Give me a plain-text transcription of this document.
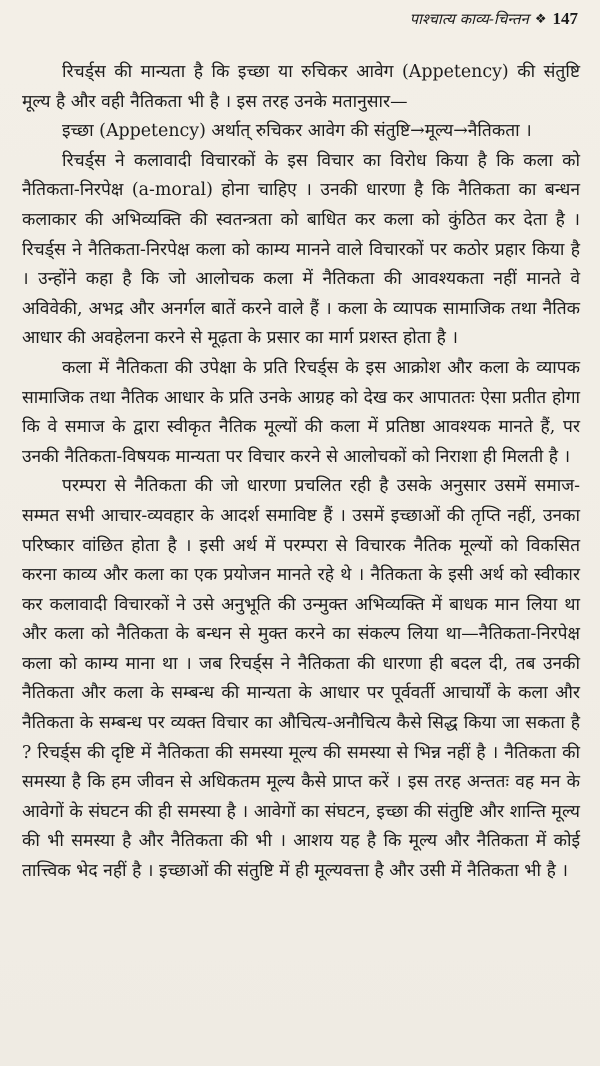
पाश्चात्य काव्य-चिन्तन ❖ 147

रिचर्ड्स की मान्यता है कि इच्छा या रुचिकर आवेग (Appetency) की संतुष्टि मूल्य है और वही नैतिकता भी है । इस तरह उनके मतानुसार—

इच्छा (Appetency) अर्थात् रुचिकर आवेग की संतुष्टि→मूल्य→नैतिकता ।

रिचर्ड्स ने कलावादी विचारकों के इस विचार का विरोध किया है कि कला को नैतिकता-निरपेक्ष (a-moral) होना चाहिए । उनकी धारणा है कि नैतिकता का बन्धन कलाकार की अभिव्यक्ति की स्वतन्त्रता को बाधित कर कला को कुंठित कर देता है । रिचर्ड्स ने नैतिकता-निरपेक्ष कला को काम्य मानने वाले विचारकों पर कठोर प्रहार किया है । उन्होंने कहा है कि जो आलोचक कला में नैतिकता की आवश्यकता नहीं मानते वे अविवेकी, अभद्र और अनर्गल बातें करने वाले हैं । कला के व्यापक सामाजिक तथा नैतिक आधार की अवहेलना करने से मूढ़ता के प्रसार का मार्ग प्रशस्त होता है ।

कला में नैतिकता की उपेक्षा के प्रति रिचर्ड्स के इस आक्रोश और कला के व्यापक सामाजिक तथा नैतिक आधार के प्रति उनके आग्रह को देख कर आपाततः ऐसा प्रतीत होगा कि वे समाज के द्वारा स्वीकृत नैतिक मूल्यों की कला में प्रतिष्ठा आवश्यक मानते हैं, पर उनकी नैतिकता-विषयक मान्यता पर विचार करने से आलोचकों को निराशा ही मिलती है ।

परम्परा से नैतिकता की जो धारणा प्रचलित रही है उसके अनुसार उसमें समाज-सम्मत सभी आचार-व्यवहार के आदर्श समाविष्ट हैं । उसमें इच्छाओं की तृप्ति नहीं, उनका परिष्कार वांछित होता है । इसी अर्थ में परम्परा से विचारक नैतिक मूल्यों को विकसित करना काव्य और कला का एक प्रयोजन मानते रहे थे । नैतिकता के इसी अर्थ को स्वीकार कर कलावादी विचारकों ने उसे अनुभूति की उन्मुक्त अभिव्यक्ति में बाधक मान लिया था और कला को नैतिकता के बन्धन से मुक्त करने का संकल्प लिया था—नैतिकता-निरपेक्ष कला को काम्य माना था । जब रिचर्ड्स ने नैतिकता की धारणा ही बदल दी, तब उनकी नैतिकता और कला के सम्बन्ध की मान्यता के आधार पर पूर्ववर्ती आचार्यों के कला और नैतिकता के सम्बन्ध पर व्यक्त विचार का औचित्य-अनौचित्य कैसे सिद्ध किया जा सकता है ? रिचर्ड्स की दृष्टि में नैतिकता की समस्या मूल्य की समस्या से भिन्न नहीं है । नैतिकता की समस्या है कि हम जीवन से अधिकतम मूल्य कैसे प्राप्त करें । इस तरह अन्ततः वह मन के आवेगों के संघटन की ही समस्या है । आवेगों का संघटन, इच्छा की संतुष्टि और शान्ति मूल्य की भी समस्या है और नैतिकता की भी । आशय यह है कि मूल्य और नैतिकता में कोई तात्त्विक भेद नहीं है । इच्छाओं की संतुष्टि में ही मूल्यवत्ता है और उसी में नैतिकता भी है ।
